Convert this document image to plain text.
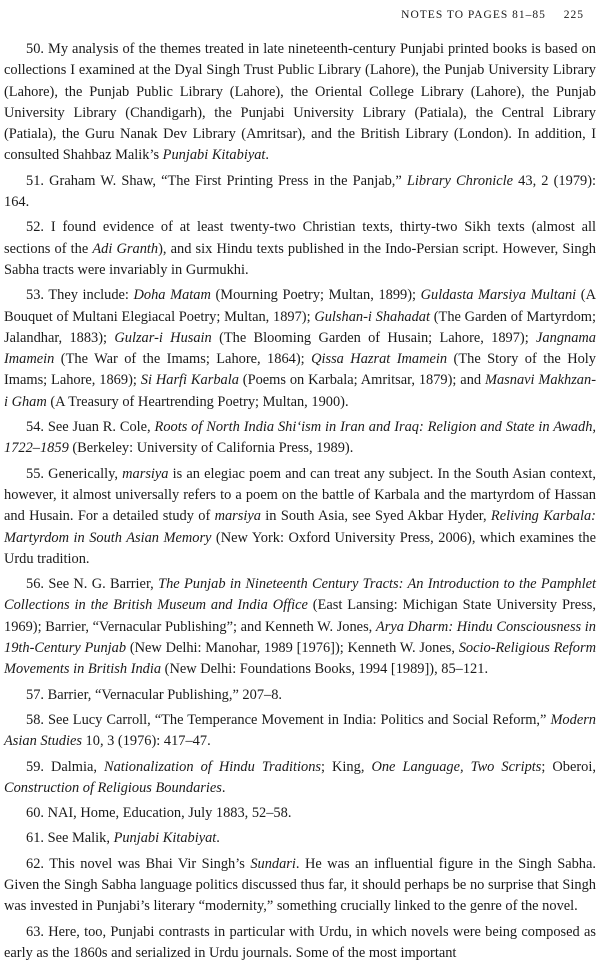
NOTES TO PAGES 81–85 225

50. My analysis of the themes treated in late nineteenth-century Punjabi printed books is based on collections I examined at the Dyal Singh Trust Public Library (Lahore), the Punjab University Library (Lahore), the Punjab Public Library (Lahore), the Oriental College Library (Lahore), the Punjab University Library (Chandigarh), the Punjabi University Library (Patiala), the Central Library (Patiala), the Guru Nanak Dev Library (Amritsar), and the British Library (London). In addition, I consulted Shahbaz Malik’s Punjabi Kitabiyat.

51. Graham W. Shaw, “The First Printing Press in the Panjab,” Library Chronicle 43, 2 (1979): 164.

52. I found evidence of at least twenty-two Christian texts, thirty-two Sikh texts (almost all sections of the Adi Granth), and six Hindu texts published in the Indo-Persian script. However, Singh Sabha tracts were invariably in Gurmukhi.

53. They include: Doha Matam (Mourning Poetry; Multan, 1899); Guldasta Marsiya Multani (A Bouquet of Multani Elegiacal Poetry; Multan, 1897); Gulshan-i Shahadat (The Garden of Martyrdom; Jalandhar, 1883); Gulzar-i Husain (The Blooming Garden of Husain; Lahore, 1897); Jangnama Imamein (The War of the Imams; Lahore, 1864); Qissa Hazrat Imamein (The Story of the Holy Imams; Lahore, 1869); Si Harfi Karbala (Poems on Karbala; Amritsar, 1879); and Masnavi Makhzan-i Gham (A Treasury of Heartrending Poetry; Multan, 1900).

54. See Juan R. Cole, Roots of North India Shi‘ism in Iran and Iraq: Religion and State in Awadh, 1722–1859 (Berkeley: University of California Press, 1989).

55. Generically, marsiya is an elegiac poem and can treat any subject. In the South Asian context, however, it almost universally refers to a poem on the battle of Karbala and the martyrdom of Hassan and Husain. For a detailed study of marsiya in South Asia, see Syed Akbar Hyder, Reliving Karbala: Martyrdom in South Asian Memory (New York: Oxford University Press, 2006), which examines the Urdu tradition.

56. See N. G. Barrier, The Punjab in Nineteenth Century Tracts: An Introduction to the Pamphlet Collections in the British Museum and India Office (East Lansing: Michigan State University Press, 1969); Barrier, “Vernacular Publishing”; and Kenneth W. Jones, Arya Dharm: Hindu Consciousness in 19th-Century Punjab (New Delhi: Manohar, 1989 [1976]); Kenneth W. Jones, Socio-Religious Reform Movements in British India (New Delhi: Foundations Books, 1994 [1989]), 85–121.

57. Barrier, “Vernacular Publishing,” 207–8.

58. See Lucy Carroll, “The Temperance Movement in India: Politics and Social Reform,” Modern Asian Studies 10, 3 (1976): 417–47.

59. Dalmia, Nationalization of Hindu Traditions; King, One Language, Two Scripts; Oberoi, Construction of Religious Boundaries.

60. NAI, Home, Education, July 1883, 52–58.

61. See Malik, Punjabi Kitabiyat.

62. This novel was Bhai Vir Singh’s Sundari. He was an influential figure in the Singh Sabha. Given the Singh Sabha language politics discussed thus far, it should perhaps be no surprise that Singh was invested in Punjabi’s literary “modernity,” something crucially linked to the genre of the novel.

63. Here, too, Punjabi contrasts in particular with Urdu, in which novels were being composed as early as the 1860s and serialized in Urdu journals. Some of the most important
